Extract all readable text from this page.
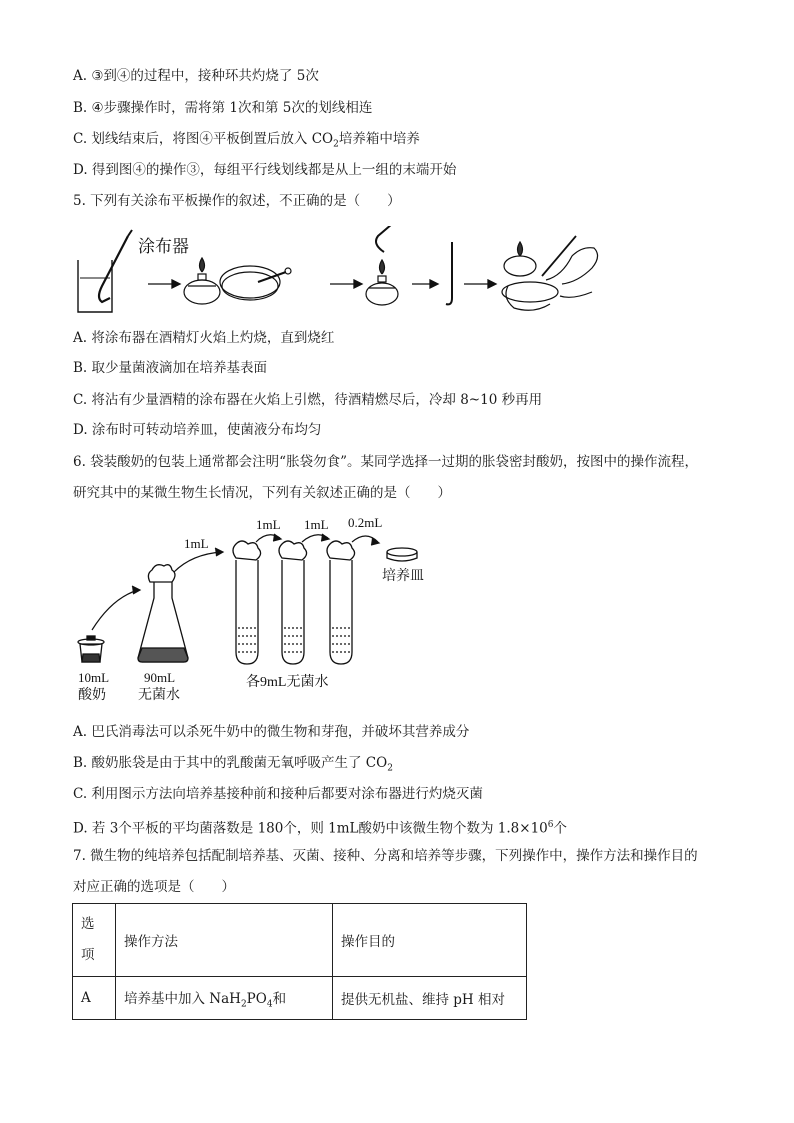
A. ③到④的过程中，接种环共灼烧了 5次
B. ④步骤操作时，需将第 1次和第 5次的划线相连
C. 划线结束后，将图④平板倒置后放入 $CO_2$培养箱中培养
D. 得到图④的操作③，每组平行线划线都是从上一组的末端开始
5. 下列有关涂布平板操作的叙述，不正确的是（　　）
涂布器
A. 将涂布器在酒精灯火焰上灼烧，直到烧红
B. 取少量菌液滴加在培养基表面
C. 将沾有少量酒精的涂布器在火焰上引燃，待酒精燃尽后，冷却 8~10 秒再用
D. 涂布时可转动培养皿，使菌液分布均匀
6. 袋装酸奶的包装上通常都会注明“胀袋勿食”。某同学选择一过期的胀袋密封酸奶，按图中的操作流程，
研究其中的某微生物生长情况，下列有关叙述正确的是（　　）
10mL
酸奶
90mL
无菌水
1mL
1mL 1mL 0.2mL
培养皿
各9mL无菌水
A. 巴氏消毒法可以杀死牛奶中的微生物和芽孢，并破坏其营养成分
B. 酸奶胀袋是由于其中的乳酸菌无氧呼吸产生了 $CO_2$
C. 利用图示方法向培养基接种前和接种后都要对涂布器进行灼烧灭菌
D. 若 3个平板的平均菌落数是 180个，则 1mL酸奶中该微生物个数为 $1.8\times 10^6$个
7. 微生物的纯培养包括配制培养基、灭菌、接种、分离和培养等步骤，下列操作中，操作方法和操作目的
对应正确的选项是（　　）
选
项	操作方法	操作目的
A	培养基中加入 $NaH_2PO_4$和	提供无机盐、维持 pH 相对
